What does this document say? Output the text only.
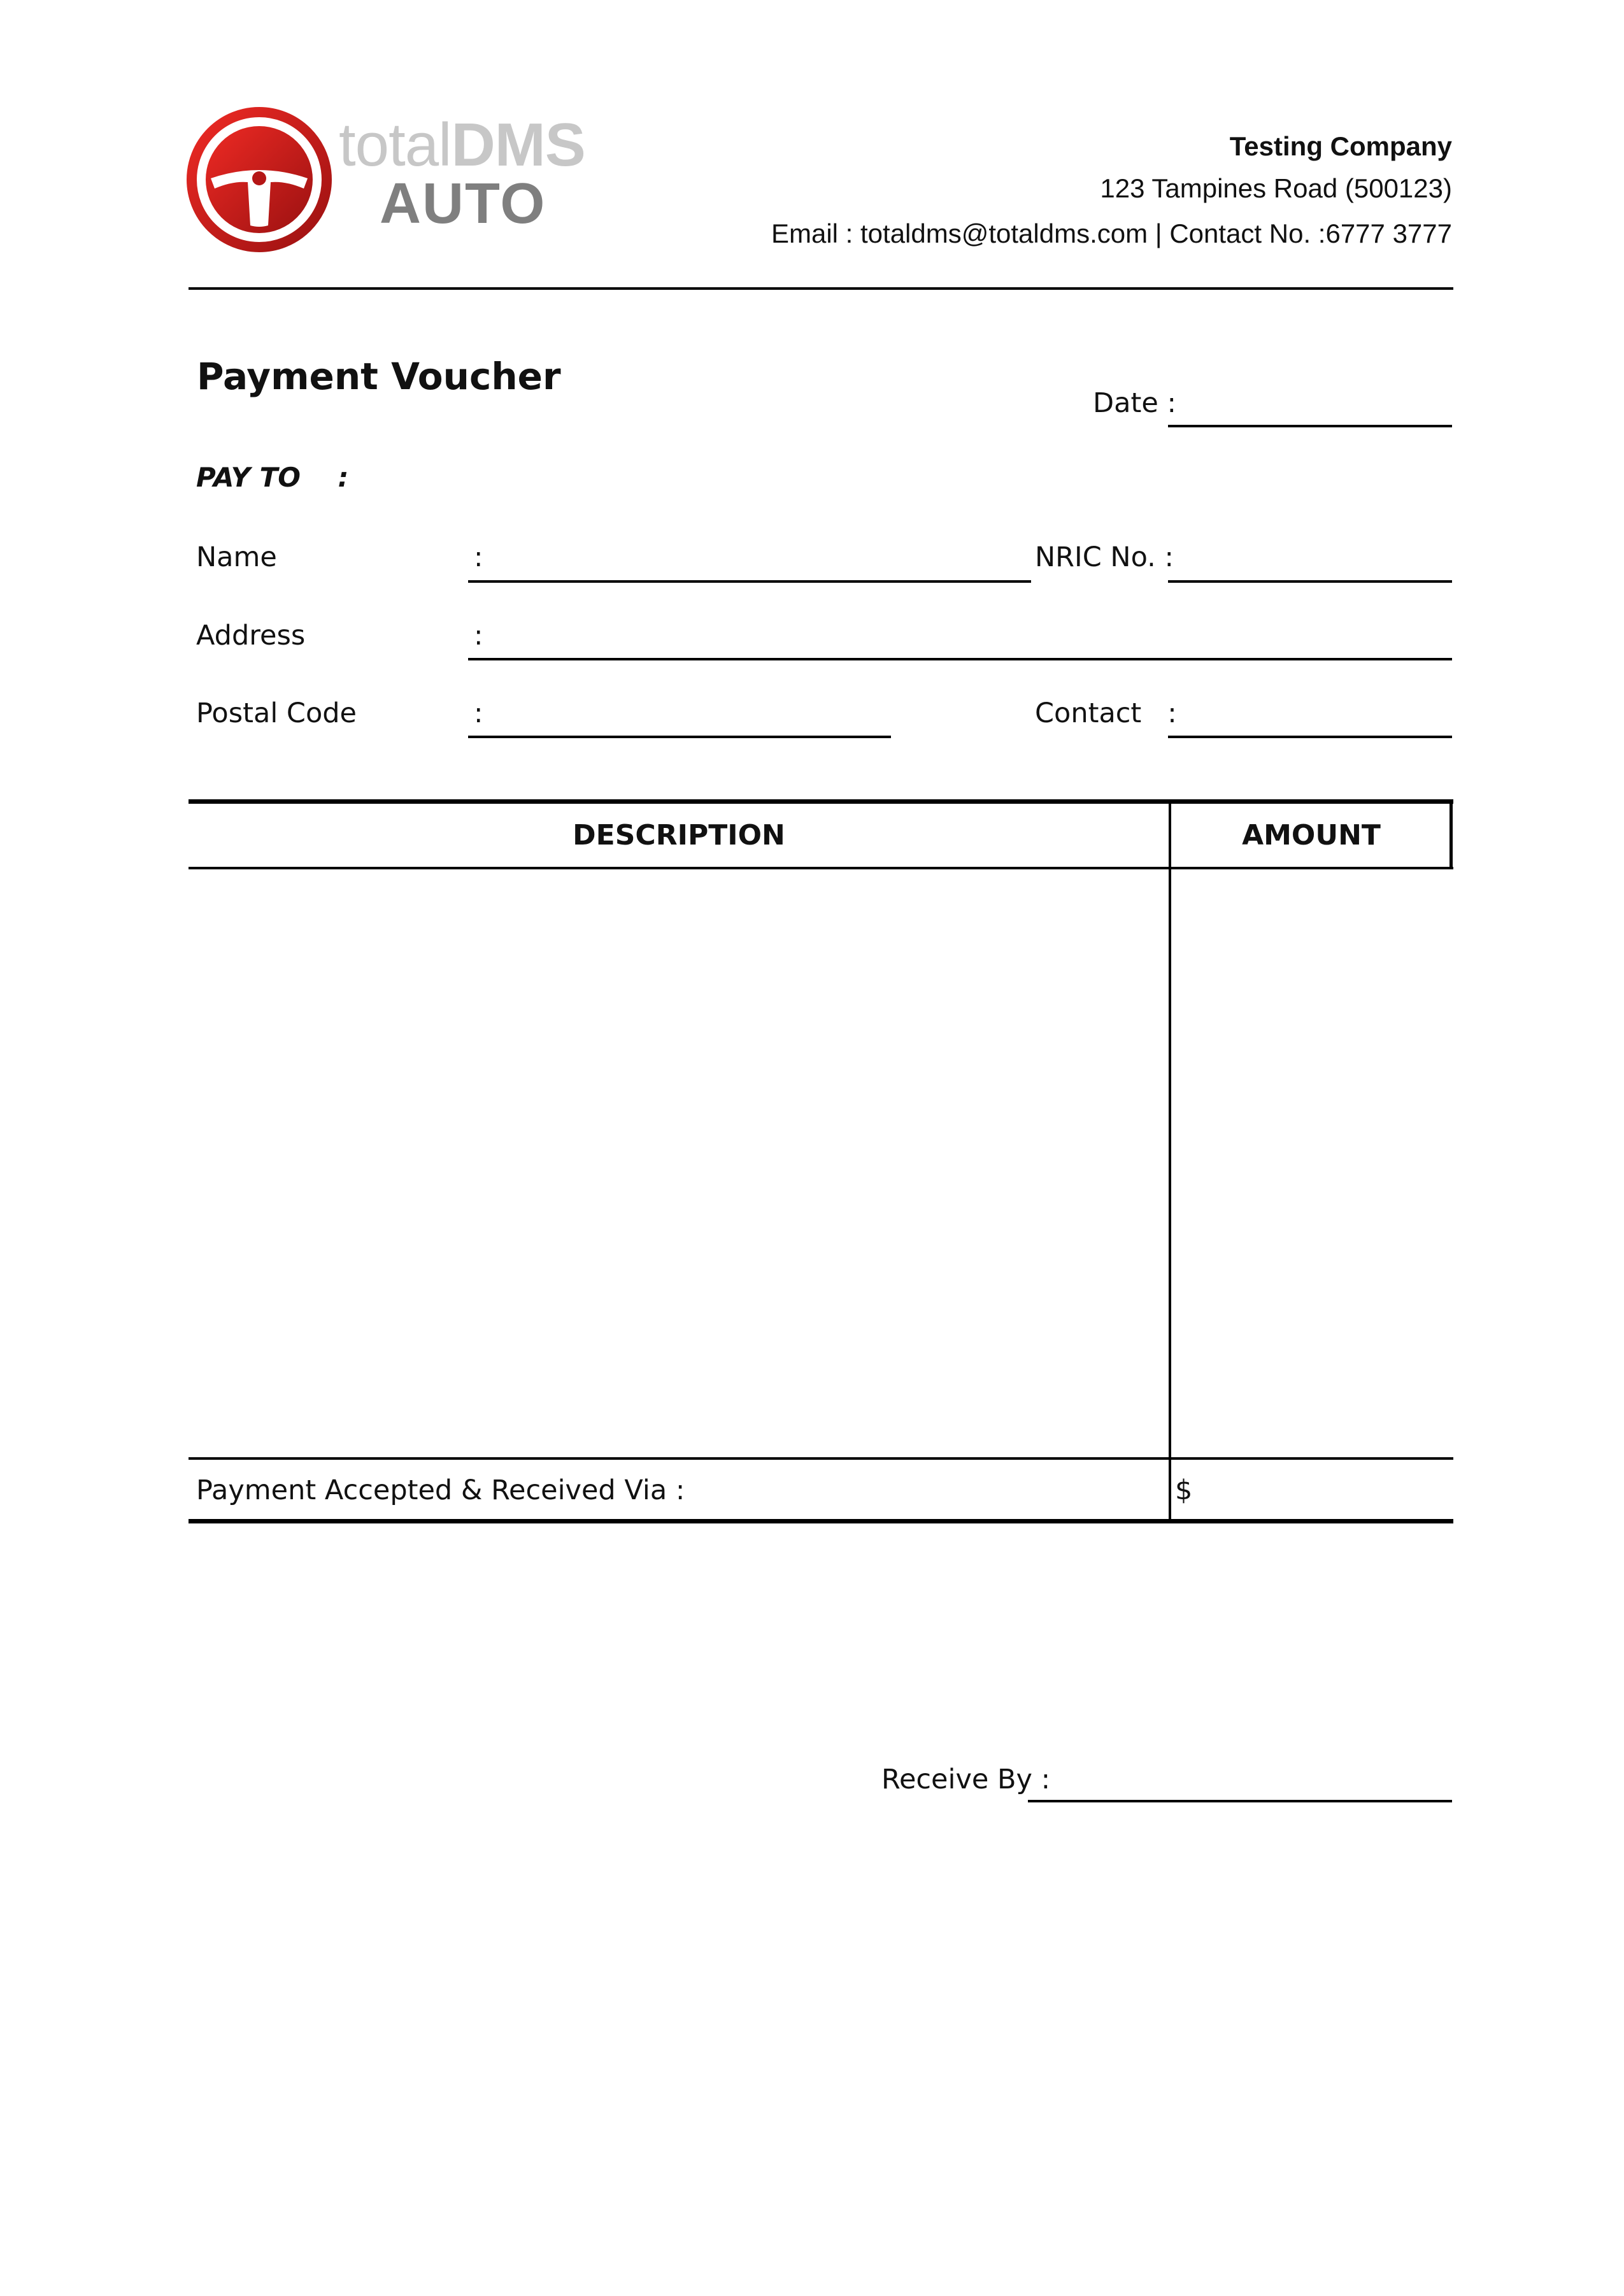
totalDMS
AUTO
Testing Company
123 Tampines Road (500123)
Email : totaldms@totaldms.com | Contact No. :6777 3777
Payment Voucher
Date :
PAY TO    :
Name	:	NRIC No. :
Address	:
Postal Code	:	Contact   :
DESCRIPTION	AMOUNT
Payment Accepted & Received Via :	$
Receive By :
